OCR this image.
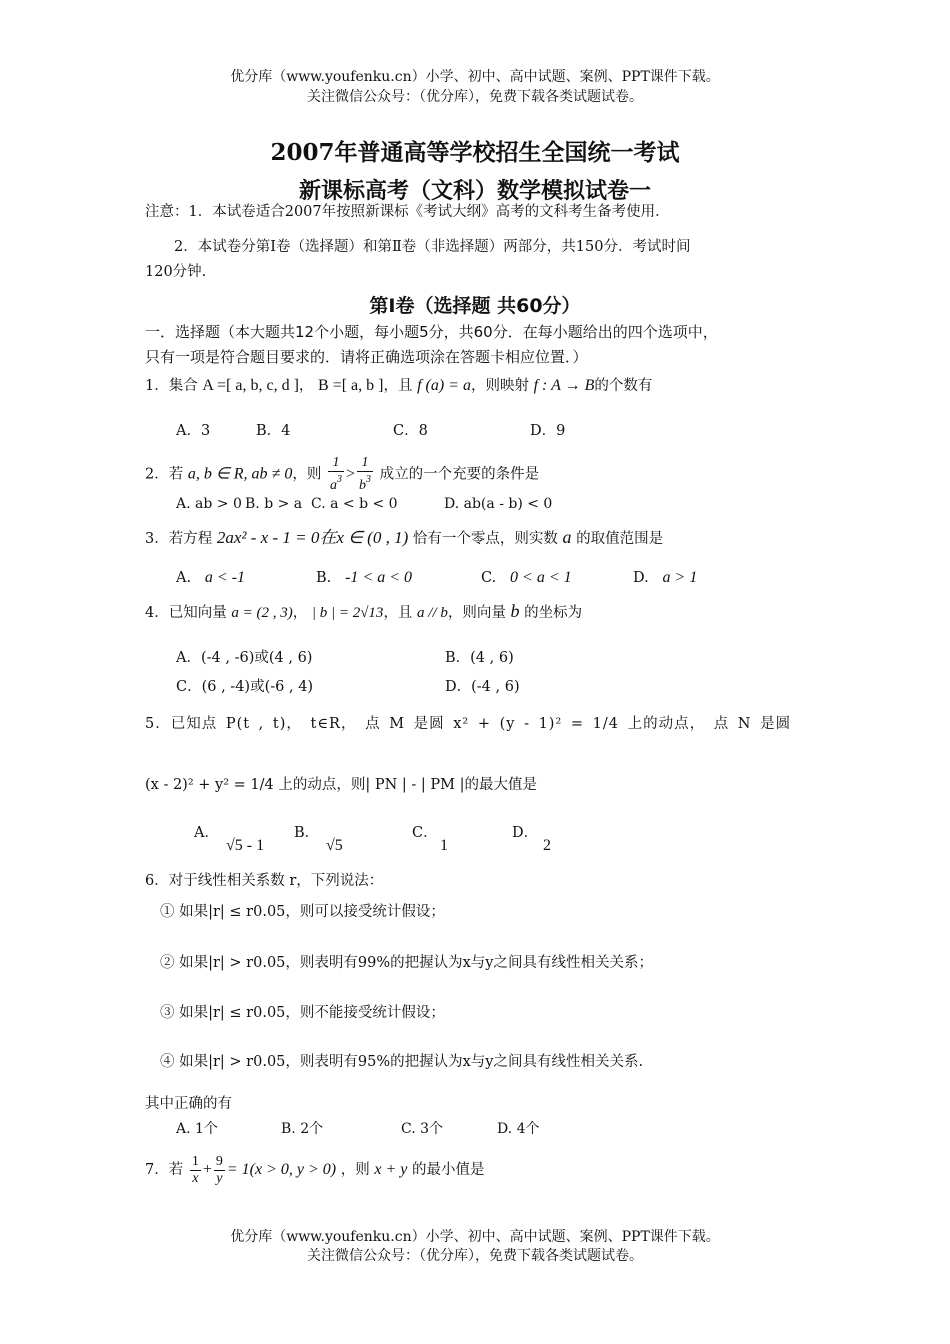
优分库（www.youfenku.cn）小学、初中、高中试题、案例、PPT课件下载。
关注微信公众号：（优分库），免费下载各类试题试卷。
2007年普通高等学校招生全国统一考试
新课标高考（文科）数学模拟试卷一
注意：1．本试卷适合2007年按照新课标《考试大纲》高考的文科考生备考使用．
2．本试卷分第Ⅰ卷（选择题）和第Ⅱ卷（非选择题）两部分，共150分．考试时间
120分钟.
第Ⅰ卷（选择题 共60分）
一．选择题（本大题共12个小题，每小题5分，共60分．在每小题给出的四个选项中，
只有一项是符合题目要求的．请将正确选项涂在答题卡相应位置．）
1．集合 A =[ a, b, c, d ]， B =[ a, b ]，且 f (a) = a，则映射 f : A → B的个数有
A．3	B．4	C．8	D．9
2．若 a, b ∈ R, ab ≠ 0，则 $\frac{1}{a^3} > \frac{1}{b^3}$ 成立的一个充要的条件是
A. ab > 0 B. b > a C. a < b < 0	D. ab(a - b) < 0
3．若方程 2ax² - x - 1 = 0在x ∈ (0 , 1) 恰有一个零点，则实数 a 的取值范围是
A. a < -1	B. -1 < a < 0	C. 0 < a < 1	D. a > 1
4．已知向量 a = (2 , 3)， | b | = 2√13，且 a // b，则向量 b 的坐标为
A．(-4 , -6)或(4 , 6)	B．(4 , 6)
C．(6 , -4)或(-6 , 4)	D．(-4 , 6)
5．已知点 P(t , t)， t∈R， 点 M 是圆 x² + (y - 1)² = 1/4 上的动点， 点 N 是圆
(x - 2)² + y² = 1/4 上的动点，则| PN | - | PM |的最大值是
A．
√5 - 1
B．
√5
C．
1
D．
2
6．对于线性相关系数 r，下列说法：
① 如果|r| ≤ r0.05，则可以接受统计假设；
② 如果|r| > r0.05，则表明有99%的把握认为x与y之间具有线性相关关系；
③ 如果|r| ≤ r0.05，则不能接受统计假设；
④ 如果|r| > r0.05，则表明有95%的把握认为x与y之间具有线性相关关系.
其中正确的有
A. 1个	B. 2个	C. 3个	D. 4个
7．若 $\frac{1}{x} + \frac{9}{y} = 1(x > 0$, y > 0) ，则 x + y 的最小值是
优分库（www.youfenku.cn）小学、初中、高中试题、案例、PPT课件下载。
关注微信公众号：（优分库），免费下载各类试题试卷。
